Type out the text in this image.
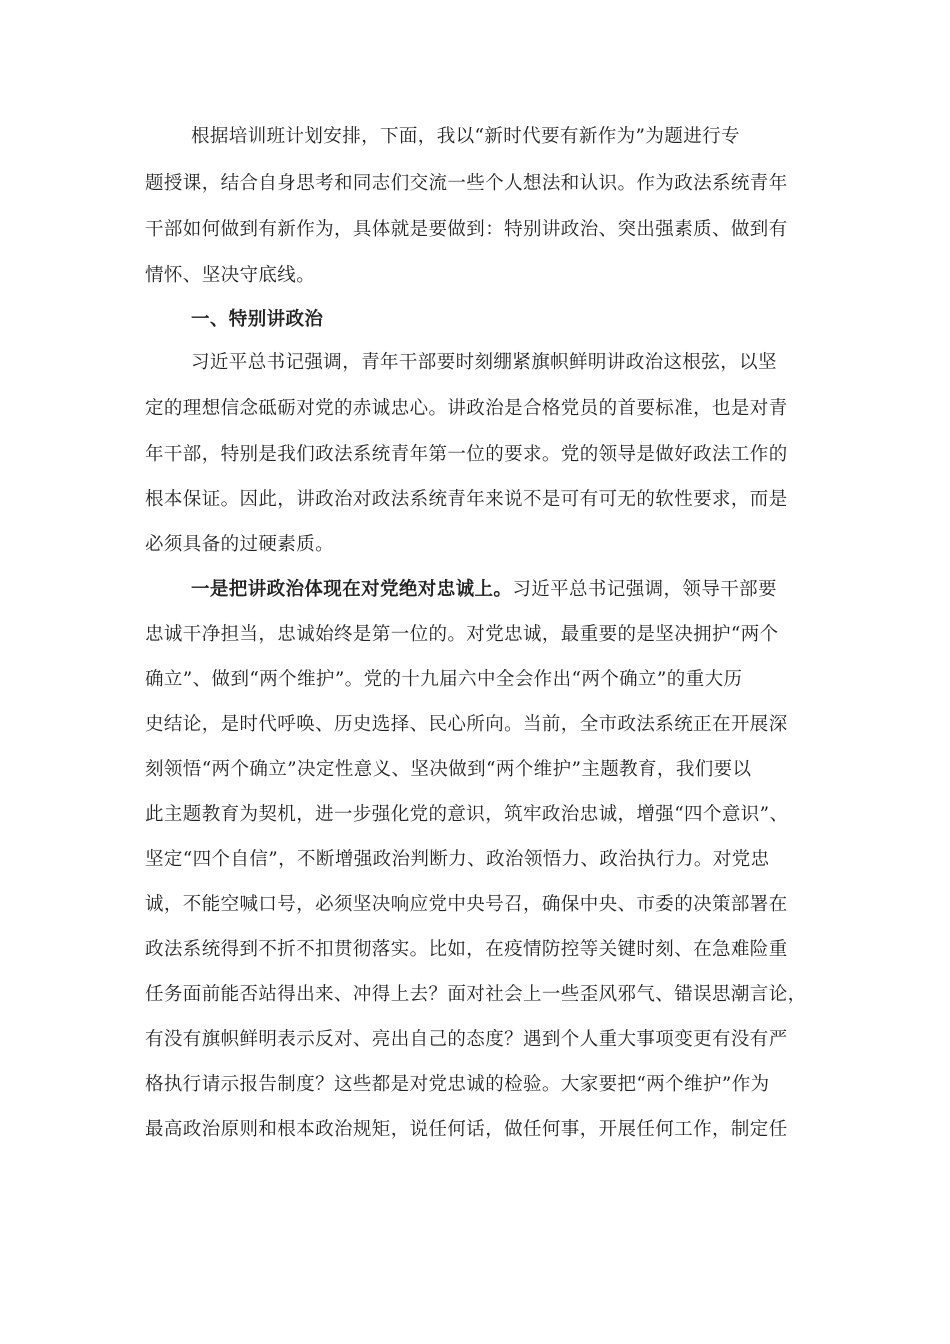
根据培训班计划安排，下面，我以“新时代要有新作为”为题进行专
题授课，结合自身思考和同志们交流一些个人想法和认识。作为政法系统青年
干部如何做到有新作为，具体就是要做到：特别讲政治、突出强素质、做到有
情怀、坚决守底线。
一、特别讲政治
习近平总书记强调，青年干部要时刻绷紧旗帜鲜明讲政治这根弦，以坚
定的理想信念砥砺对党的赤诚忠心。讲政治是合格党员的首要标准，也是对青
年干部，特别是我们政法系统青年第一位的要求。党的领导是做好政法工作的
根本保证。因此，讲政治对政法系统青年来说不是可有可无的软性要求，而是
必须具备的过硬素质。
一是把讲政治体现在对党绝对忠诚上。习近平总书记强调，领导干部要
忠诚干净担当，忠诚始终是第一位的。对党忠诚，最重要的是坚决拥护“两个
确立”、做到“两个维护”。党的十九届六中全会作出“两个确立”的重大历
史结论，是时代呼唤、历史选择、民心所向。当前，全市政法系统正在开展深
刻领悟“两个确立”决定性意义、坚决做到“两个维护”主题教育，我们要以
此主题教育为契机，进一步强化党的意识，筑牢政治忠诚，增强“四个意识”、
坚定“四个自信”，不断增强政治判断力、政治领悟力、政治执行力。对党忠
诚，不能空喊口号，必须坚决响应党中央号召，确保中央、市委的决策部署在
政法系统得到不折不扣贯彻落实。比如，在疫情防控等关键时刻、在急难险重
任务面前能否站得出来、冲得上去？面对社会上一些歪风邪气、错误思潮言论，
有没有旗帜鲜明表示反对、亮出自己的态度？遇到个人重大事项变更有没有严
格执行请示报告制度？这些都是对党忠诚的检验。大家要把“两个维护”作为
最高政治原则和根本政治规矩，说任何话，做任何事，开展任何工作，制定任
